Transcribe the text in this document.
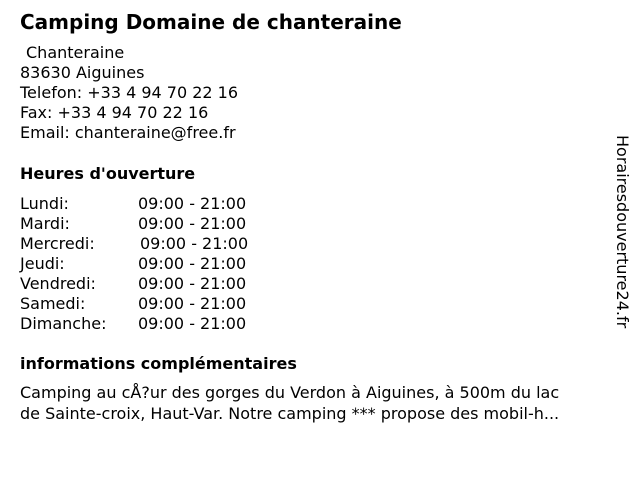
Camping Domaine de chanteraine
Chanteraine
83630 Aiguines
Telefon: +33 4 94 70 22 16
Fax: +33 4 94 70 22 16
Email: chanteraine@free.fr
Heures d'ouverture
Lundi:	09:00 - 21:00
Mardi:	09:00 - 21:00
Mercredi:	09:00 - 21:00
Jeudi:	09:00 - 21:00
Vendredi:	09:00 - 21:00
Samedi:	09:00 - 21:00
Dimanche: 09:00 - 21:00
informations complémentaires
Camping au cÅ?ur des gorges du Verdon à Aiguines, à 500m du lac
de Sainte-croix, Haut-Var. Notre camping *** propose des mobil-h...
Horairesdouverture24.fr
